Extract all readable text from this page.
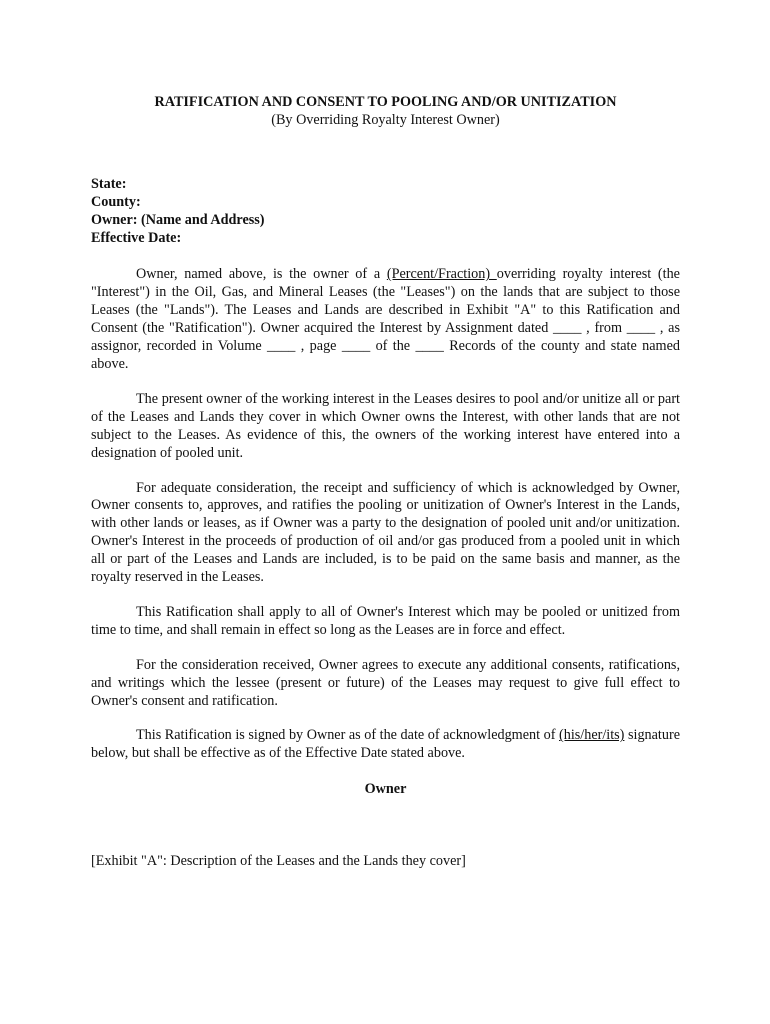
RATIFICATION AND CONSENT TO POOLING AND/OR UNITIZATION

(By Overriding Royalty Interest Owner)

State:

County:

Owner: (Name and Address)

Effective Date:

Owner, named above, is the owner of a (Percent/Fraction) overriding royalty interest (the "Interest") in the Oil, Gas, and Mineral Leases (the "Leases") on the lands that are subject to those Leases (the "Lands"). The Leases and Lands are described in Exhibit "A" to this Ratification and Consent (the "Ratification"). Owner acquired the Interest by Assignment dated ____ , from ____ , as assignor, recorded in Volume ____ , page ____ of the ____ Records of the county and state named above.

The present owner of the working interest in the Leases desires to pool and/or unitize all or part of the Leases and Lands they cover in which Owner owns the Interest, with other lands that are not subject to the Leases. As evidence of this, the owners of the working interest have entered into a designation of pooled unit.

For adequate consideration, the receipt and sufficiency of which is acknowledged by Owner, Owner consents to, approves, and ratifies the pooling or unitization of Owner's Interest in the Lands, with other lands or leases, as if Owner was a party to the designation of pooled unit and/or unitization. Owner's Interest in the proceeds of production of oil and/or gas produced from a pooled unit in which all or part of the Leases and Lands are included, is to be paid on the same basis and manner, as the royalty reserved in the Leases.

This Ratification shall apply to all of Owner's Interest which may be pooled or unitized from time to time, and shall remain in effect so long as the Leases are in force and effect.

For the consideration received, Owner agrees to execute any additional consents, ratifications, and writings which the lessee (present or future) of the Leases may request to give full effect to Owner's consent and ratification.

This Ratification is signed by Owner as of the date of acknowledgment of (his/her/its) signature below, but shall be effective as of the Effective Date stated above.

Owner

[Exhibit "A": Description of the Leases and the Lands they cover]
